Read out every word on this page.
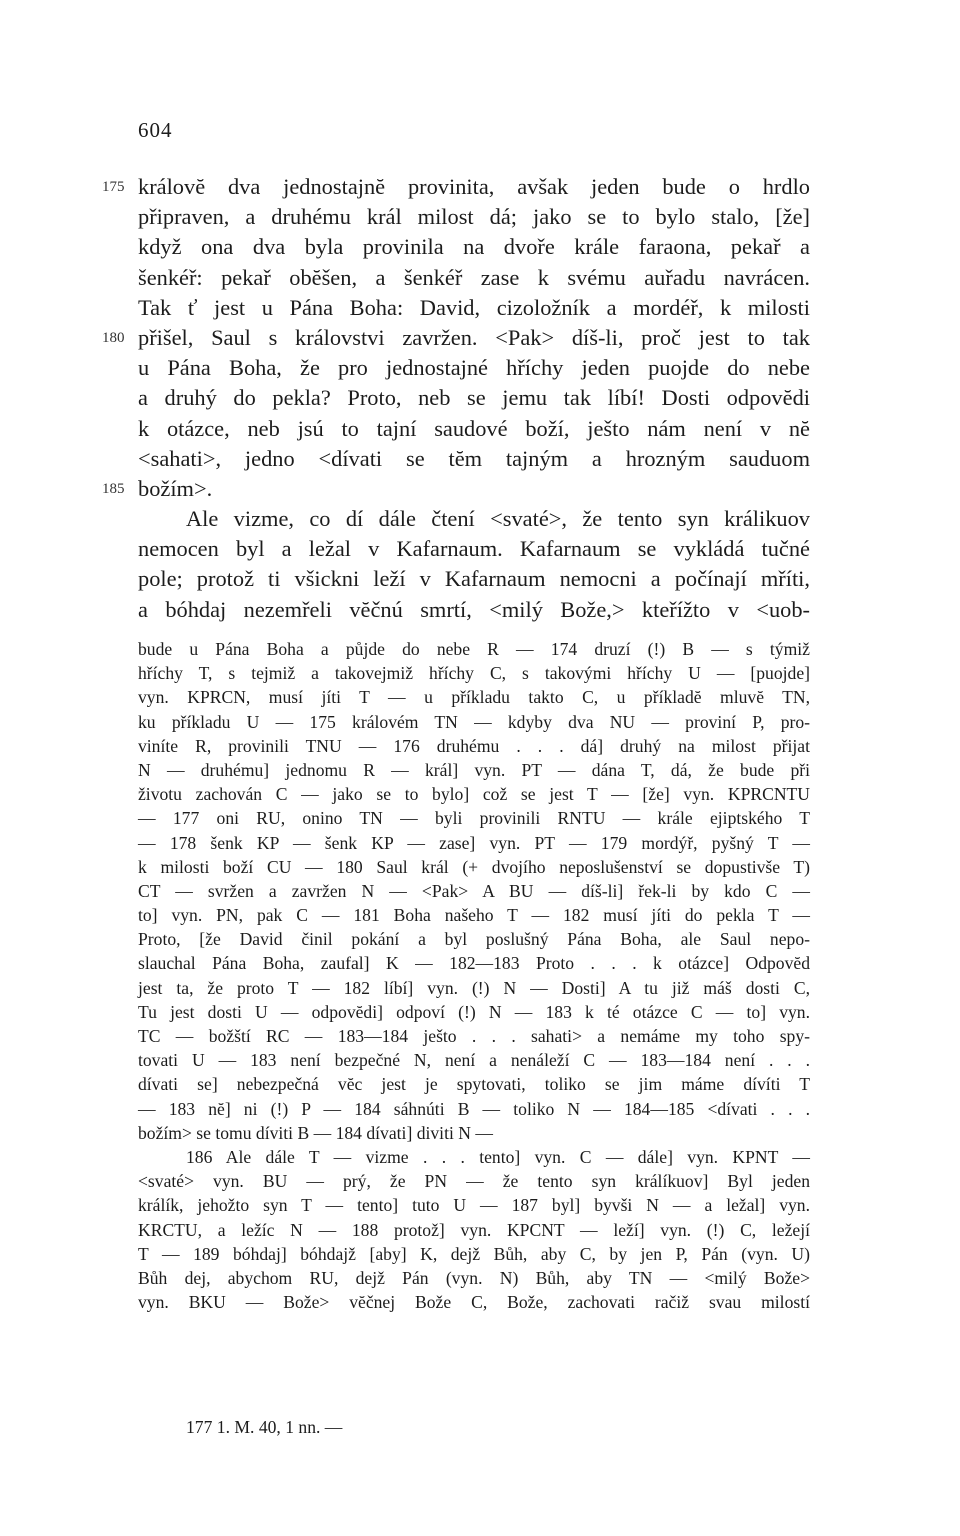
604
175 královĕ dva jednostajnĕ provinita, avšak jeden bude o hrdlo
připraven, a druhému král milost dá; jako se to bylo stalo, [že]
když ona dva byla provinila na dvoře krále faraona, pekař a
šenkéř: pekař obĕšen, a šenkéř zase k svému auřadu navrácen.
Tak ť jest u Pána Boha: David, cizoložník a mordéř, k milosti
180 přišel, Saul s královstvi zavržen. <Pak> díš-li, proč jest to tak
u Pána Boha, že pro jednostajné hříchy jeden puojde do nebe
a druhý do pekla? Proto, neb se jemu tak líbí! Dosti odpovĕdi
k otázce, neb jsú to tajní saudové boží, ješto nám není v nĕ
<sahati>, jedno <dívati se tĕm tajným a hrozným sauduom
185 božím>.
Ale vizme, co dí dále čtení <svaté>, že tento syn králikuov
nemocen byl a ležal v Kafarnaum. Kafarnaum se vykládá tučné
pole; protož ti všickni leží v Kafarnaum nemocni a počínají mříti,
a bóhdaj nezemřeli vĕčnú smrtí, <milý Bože,> kteřížto v <uob-
bude u Pána Boha a půjde do nebe R — 174 druzí (!) B — s týmiž
hříchy T, s tejmiž a takovejmiž hříchy C, s takovými hříchy U — [puojde]
vyn. KPRCN, musí jíti T — u příkladu takto C, u příkladĕ mluvĕ TN,
ku příkladu U — 175 královém TN — kdyby dva NU — proviní P, pro-
viníte R, provinili TNU — 176 druhému . . . dá] druhý na milost přijat
N — druhému] jednomu R — král] vyn. PT — dána T, dá, že bude při
životu zachován C — jako se to bylo] což se jest T — [že] vyn. KPRCNTU
— 177 oni RU, onino TN — byli provinili RNTU — krále ejiptského T
— 178 šenk KP — šenk KP — zase] vyn. PT — 179 mordýř, pyšný T —
k milosti boží CU — 180 Saul král (+ dvojího neposlušenství se dopustivše T)
CT — svržen a zavržen N — <Pak> A BU — díš-li] řek-li by kdo C —
to] vyn. PN, pak C — 181 Boha našeho T — 182 musí jíti do pekla T —
Proto, [že David činil pokání a byl poslušný Pána Boha, ale Saul nepo-
slauchal Pána Boha, zaufal] K — 182—183 Proto . . . k otázce] Odpovĕd
jest ta, že proto T — 182 líbí] vyn. (!) N — Dosti] A tu již máš dosti C,
Tu jest dosti U — odpovĕdi] odpoví (!) N — 183 k té otázce C — to] vyn.
TC — božští RC — 183—184 ješto . . . sahati> a nemáme my toho spy-
tovati U — 183 není bezpečné N, není a nenáleží C — 183—184 není . . .
dívati se] nebezpečná vĕc jest je spytovati, toliko se jim máme dívíti T
— 183 nĕ] ni (!) P — 184 sáhnúti B — toliko N — 184—185 <dívati . . .
božím> se tomu díviti B — 184 dívati] diviti N —
186 Ale dále T — vizme . . . tento] vyn. C — dále] vyn. KPNT —
<svaté> vyn. BU — prý, že PN — že tento syn králíkuov] Byl jeden
králík, jehožto syn T — tento] tuto U — 187 byl] byvši N — a ležal] vyn.
KRCTU, a ležíc N — 188 protož] vyn. KPCNT — leží] vyn. (!) C, ležejí
T — 189 bóhdaj] bóhdajž [aby] K, dejž Bůh, aby C, by jen P, Pán (vyn. U)
Bůh dej, abychom RU, dejž Pán (vyn. N) Bůh, aby TN — <milý Bože>
vyn. BKU — Bože> vĕčnej Bože C, Bože, zachovati račiž svau milostí
177 1. M. 40, 1 nn. —
